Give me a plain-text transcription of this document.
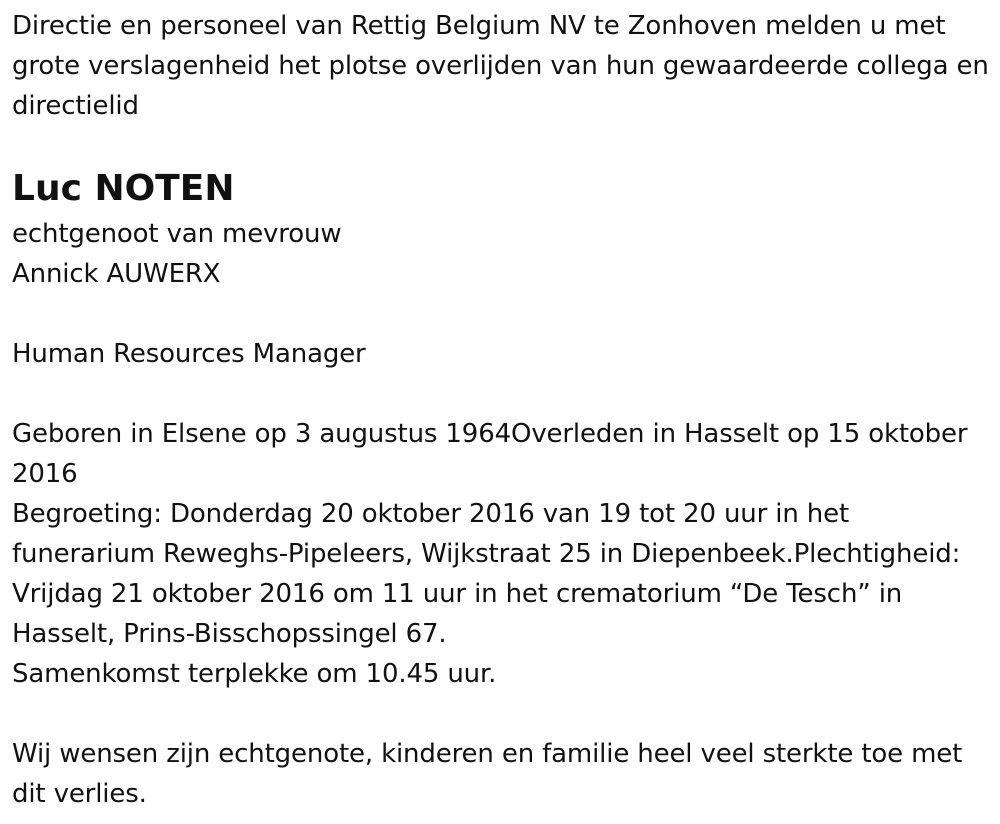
Directie en personeel van Rettig Belgium NV te Zonhoven melden u met grote verslagenheid het plotse overlijden van hun gewaardeerde collega en directielid

Luc NOTEN

echtgenoot van mevrouw
Annick AUWERX

Human Resources Manager

Geboren in Elsene op 3 augustus 1964Overleden in Hasselt op 15 oktober 2016

Begroeting: Donderdag 20 oktober 2016 van 19 tot 20 uur in het funerarium Reweghs-Pipeleers, Wijkstraat 25 in Diepenbeek.Plechtigheid: Vrijdag 21 oktober 2016 om 11 uur in het crematorium “De Tesch” in Hasselt, Prins-Bisschopssingel 67.

Samenkomst terplekke om 10.45 uur.

Wij wensen zijn echtgenote, kinderen en familie heel veel sterkte toe met dit verlies.
